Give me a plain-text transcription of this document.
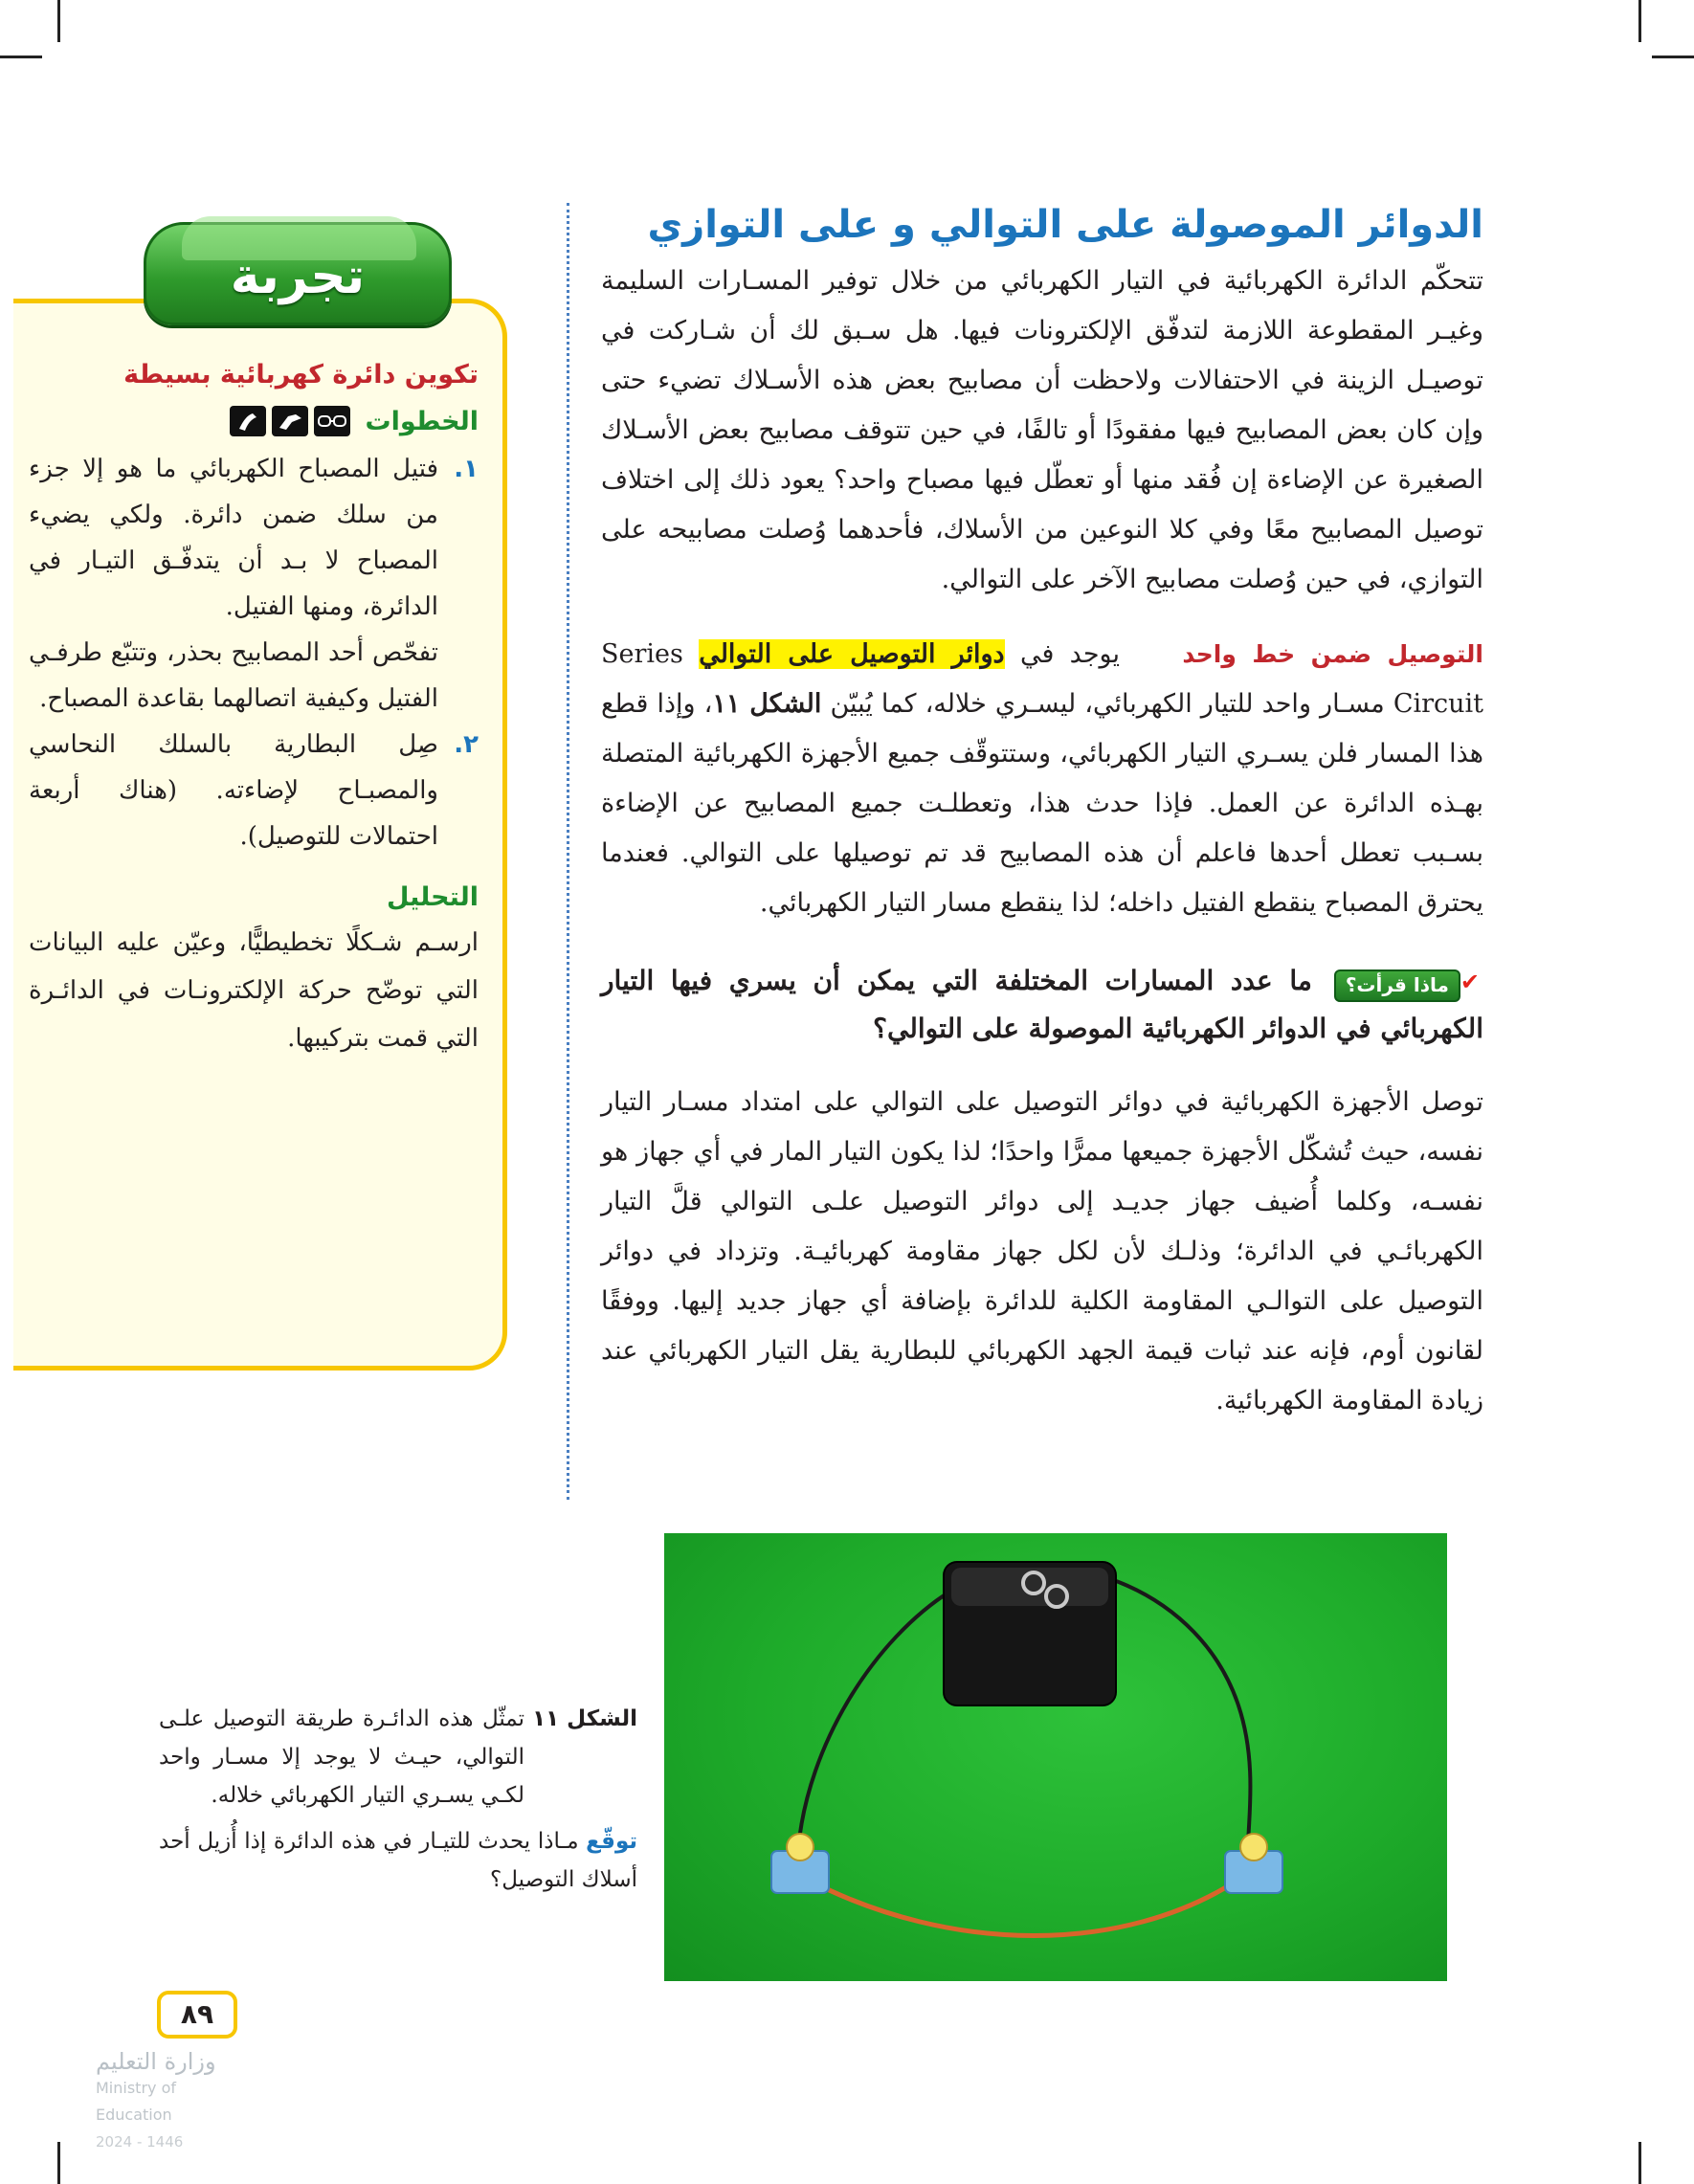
الدوائر الموصولة على التوالي و على التوازي

تتحكّم الدائرة الكهربائية في التيار الكهربائي من خلال توفير المسـارات السليمة وغيـر المقطوعة اللازمة لتدفّق الإلكترونات فيها. هل سـبق لك أن شـاركت في توصيـل الزينة في الاحتفالات ولاحظت أن مصابيح بعض هذه الأسـلاك تضيء حتى وإن كان بعض المصابيح فيها مفقودًا أو تالفًا، في حين تتوقف مصابيح بعض الأسـلاك الصغيرة عن الإضاءة إن فُقد منها أو تعطّل فيها مصباح واحد؟ يعود ذلك إلى اختلاف توصيل المصابيح معًا وفي كلا النوعين من الأسلاك، فأحدهما وُصلت مصابيحه على التوازي، في حين وُصلت مصابيح الآخر على التوالي.

التوصيل ضمن خط واحد    يوجد في دوائر التوصيل على التوالي Series Circuit مسـار واحد للتيار الكهربائي، ليسـري خلاله، كما يُبيّن الشكل ١١، وإذا قطع هذا المسار فلن يسـري التيار الكهربائي، وستتوقّف جميع الأجهزة الكهربائية المتصلة بهـذه الدائرة عن العمل. فإذا حدث هذا، وتعطلـت جميع المصابيح عن الإضاءة بسـبب تعطل أحدها فاعلم أن هذه المصابيح قد تم توصيلها على التوالي. فعندما يحترق المصباح ينقطع الفتيل داخله؛ لذا ينقطع مسار التيار الكهربائي.

✔ماذا قرأت؟ ما عدد المسارات المختلفة التي يمكن أن يسري فيها التيار الكهربائي في الدوائر الكهربائية الموصولة على التوالي؟

توصل الأجهزة الكهربائية في دوائر التوصيل على التوالي على امتداد مسـار التيار نفسه، حيث تُشكّل الأجهزة جميعها ممرًّا واحدًا؛ لذا يكون التيار المار في أي جهاز هو نفسـه، وكلما أُضيف جهاز جديـد إلى دوائر التوصيل علـى التوالي قلَّ التيار الكهربائـي في الدائرة؛ وذلـك لأن لكل جهاز مقاومة كهربائيـة. وتزداد في دوائر التوصيل على التوالـي المقاومة الكلية للدائرة بإضافة أي جهاز جديد إليها. ووفقًا لقانون أوم، فإنه عند ثبات قيمة الجهد الكهربائي للبطارية يقل التيار الكهربائي عند زيادة المقاومة الكهربائية.

تجربة
تكوين دائرة كهربائية بسيطة
الخطوات
١.
فتيل المصباح الكهربائي ما هو إلا جزء من سلك ضمن دائرة. ولكي يضيء المصباح لا بـد أن يتدفّـق التيـار في الدائرة، ومنها الفتيل.
تفحّص أحد المصابيح بحذر، وتتبّع طرفـي الفتيل وكيفية اتصالهما بقاعدة المصباح.
٢.
صِل البطارية بالسلك النحاسي والمصبـاح لإضاءته. (هناك أربعة احتمالات للتوصيل).
التحليل
ارسـم شـكلًا تخطيطيًّا، وعيّن عليه البيانات التي توضّح حركة الإلكترونـات في الدائـرة التي قمت بتركيبها.
الشكل ١١
تمثّل هذه الدائـرة طريقة التوصيل علـى التوالي، حيـث لا يوجد إلا مسـار واحد لكـي يسـري التيار الكهربائي خلاله.
توقّع مـاذا يحدث للتيـار في هذه الدائرة إذا أُزيل أحد أسلاك التوصيل؟
٨٩
وزارة التعليم
Ministry of Education
2024 - 1446
